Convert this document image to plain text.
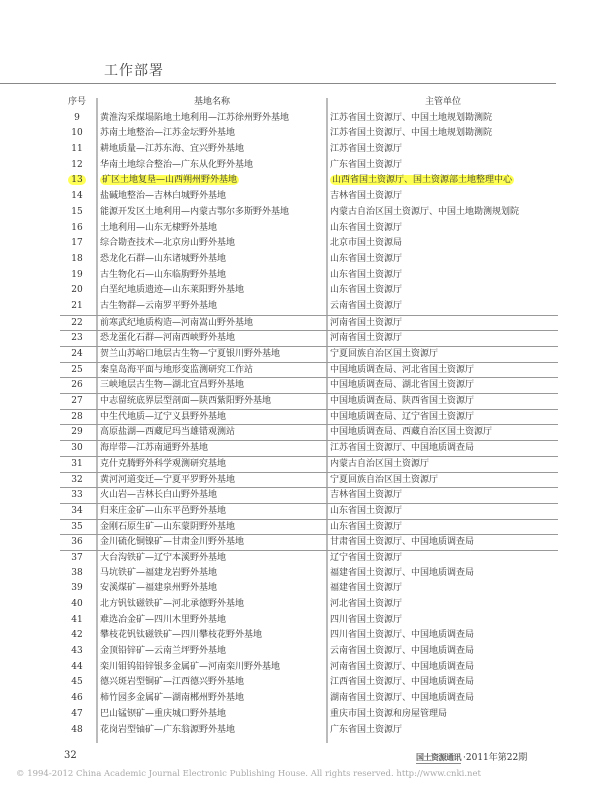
工作部署
序号	基地名称	主管单位
9	黄淮沟采煤塌陷地土地利用—江苏徐州野外基地	江苏省国土资源厅、中国土地规划勘测院
10	苏南土地整治—江苏金坛野外基地	江苏省国土资源厅、中国土地规划勘测院
11	耕地质量—江苏东海、宜兴野外基地	江苏省国土资源厅
12	华南土地综合整治—广东从化野外基地	广东省国土资源厅
13	矿区土地复垦—山西朔州野外基地	山西省国土资源厅、国土资源部土地整理中心
14	盐碱地整治—吉林白城野外基地	吉林省国土资源厅
15	能源开发区土地利用—内蒙古鄂尔多斯野外基地	内蒙古自治区国土资源厅、中国土地勘测规划院
16	土地利用—山东无棣野外基地	山东省国土资源厅
17	综合勘查技术—北京房山野外基地	北京市国土资源局
18	恐龙化石群—山东诸城野外基地	山东省国土资源厅
19	古生物化石—山东临朐野外基地	山东省国土资源厅
20	白垩纪地质遗迹—山东莱阳野外基地	山东省国土资源厅
21	古生物群—云南罗平野外基地	云南省国土资源厅
22	前寒武纪地质构造—河南嵩山野外基地	河南省国土资源厅
23	恐龙蛋化石群—河南西峡野外基地	河南省国土资源厅
24	贺兰山苏峪口地层古生物—宁夏银川野外基地	宁夏回族自治区国土资源厅
25	秦皇岛海平面与地形变监测研究工作站	中国地质调查局、河北省国土资源厅
26	三峡地层古生物—湖北宜昌野外基地	中国地质调查局、湖北省国土资源厅
27	中志留统底界层型剖面—陕西紫阳野外基地	中国地质调查局、陕西省国土资源厅
28	中生代地质—辽宁义县野外基地	中国地质调查局、辽宁省国土资源厅
29	高原盐湖—西藏尼玛当雄错观测站	中国地质调查局、西藏自治区国土资源厅
30	海岸带—江苏南通野外基地	江苏省国土资源厅、中国地质调查局
31	克什克腾野外科学观测研究基地	内蒙古自治区国土资源厅
32	黄河河道变迁—宁夏平罗野外基地	宁夏回族自治区国土资源厅
33	火山岩—吉林长白山野外基地	吉林省国土资源厅
34	归来庄金矿—山东平邑野外基地	山东省国土资源厅
35	金刚石原生矿—山东蒙阴野外基地	山东省国土资源厅
36	金川硫化铜镍矿—甘肃金川野外基地	甘肃省国土资源厅、中国地质调查局
37	大台沟铁矿—辽宁本溪野外基地	辽宁省国土资源厅
38	马坑铁矿—福建龙岩野外基地	福建省国土资源厅、中国地质调查局
39	安溪煤矿—福建泉州野外基地	福建省国土资源厅
40	北方钒钛磁铁矿—河北承德野外基地	河北省国土资源厅
41	难选冶金矿—四川木里野外基地	四川省国土资源厅
42	攀枝花钒钛磁铁矿—四川攀枝花野外基地	四川省国土资源厅、中国地质调查局
43	金顶铅锌矿—云南兰坪野外基地	云南省国土资源厅、中国地质调查局
44	栾川钼钨铅锌银多金属矿—河南栾川野外基地	河南省国土资源厅、中国地质调查局
45	德兴斑岩型铜矿—江西德兴野外基地	江西省国土资源厅、中国地质调查局
46	柿竹园多金属矿—湖南郴州野外基地	湖南省国土资源厅、中国地质调查局
47	巴山锰钡矿—重庆城口野外基地	重庆市国土资源和房屋管理局
48	花岗岩型铀矿—广东翁源野外基地	广东省国土资源厅
32	国土资源通讯 ·2011年第22期
© 1994-2012 China Academic Journal Electronic Publishing House. All rights reserved. http://www.cnki.net
